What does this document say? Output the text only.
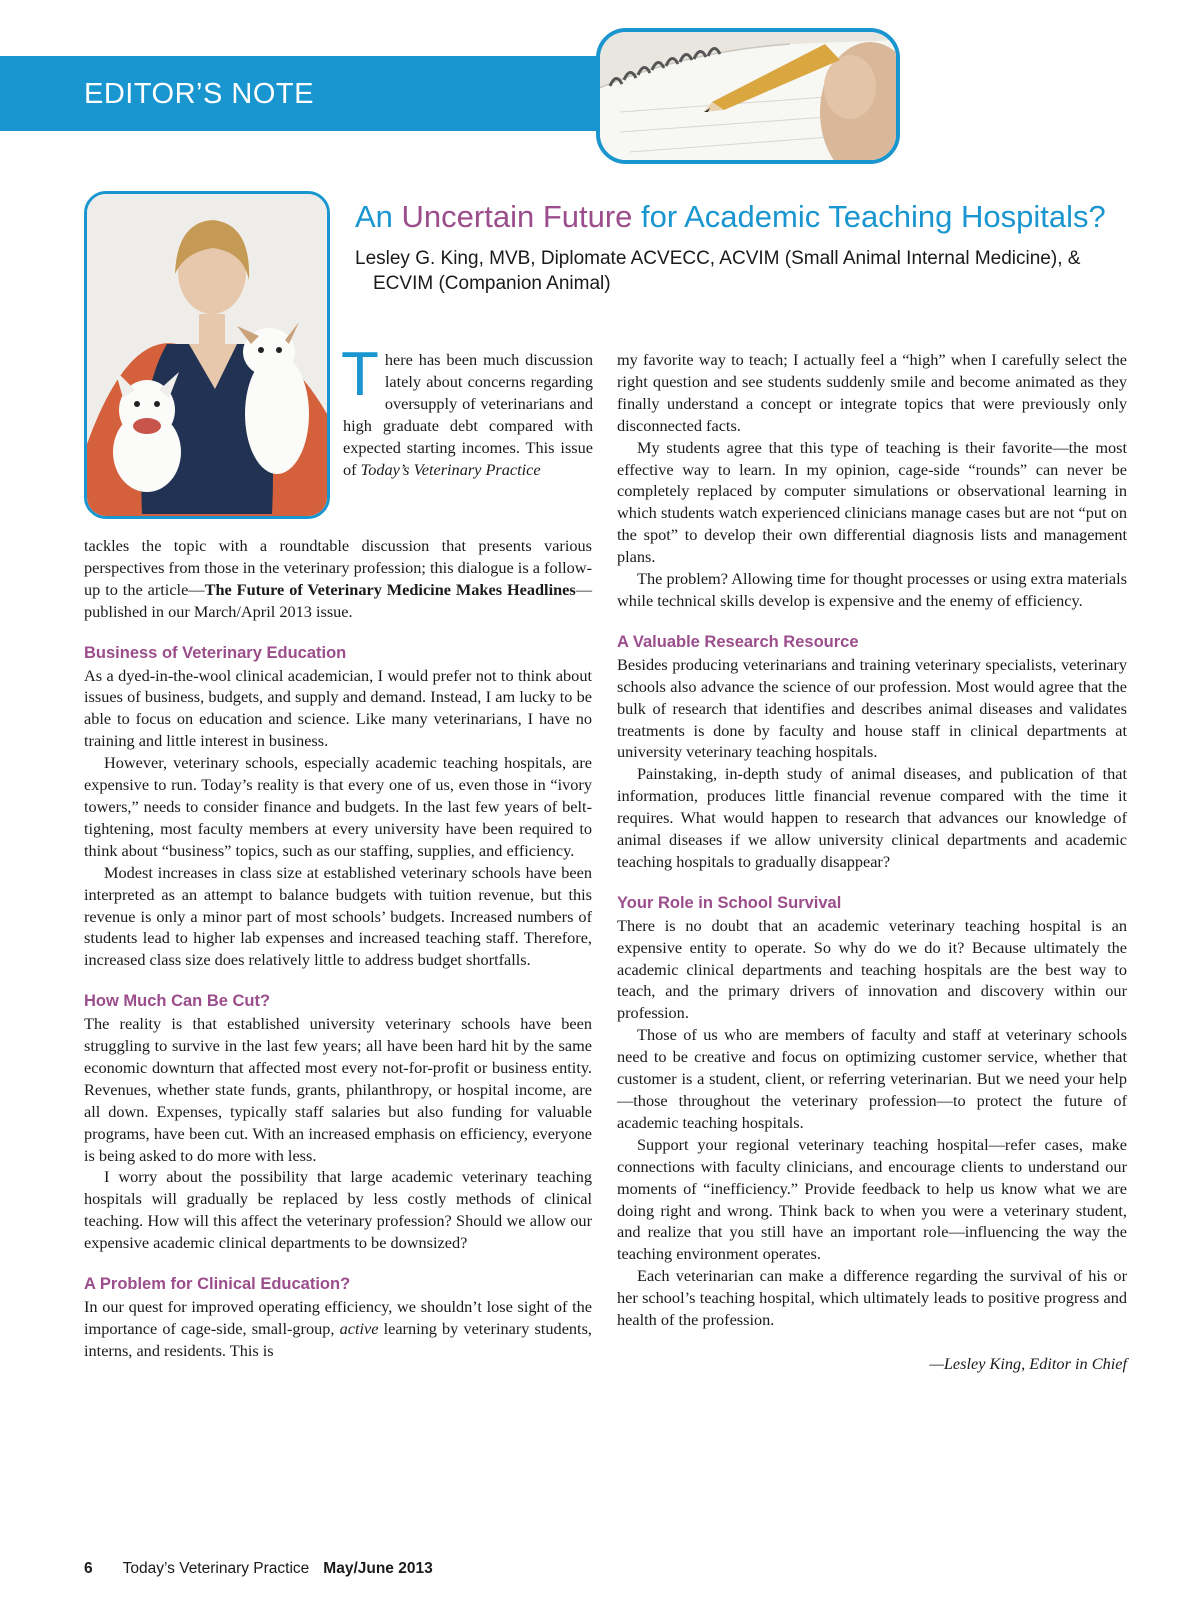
EDITOR’S NOTE
An Uncertain Future for Academic Teaching Hospitals?
Lesley G. King, MVB, Diplomate ACVECC, ACVIM (Small Animal Internal Medicine), & ECVIM (Companion Animal)

There has been much discussion lately about concerns regarding oversupply of veterinarians and high graduate debt compared with expected starting incomes. This issue of Today’s Veterinary Practice

tackles the topic with a roundtable discussion that presents various perspectives from those in the veterinary profession; this dialogue is a follow-up to the article—The Future of Veterinary Medicine Makes Headlines—published in our March/April 2013 issue.

Business of Veterinary Education

As a dyed-in-the-wool clinical academician, I would prefer not to think about issues of business, budgets, and supply and demand. Instead, I am lucky to be able to focus on education and science. Like many veterinarians, I have no training and little interest in business.

However, veterinary schools, especially academic teaching hospitals, are expensive to run. Today’s reality is that every one of us, even those in “ivory towers,” needs to consider finance and budgets. In the last few years of belt-tightening, most faculty members at every university have been required to think about “business” topics, such as our staffing, supplies, and efficiency.

Modest increases in class size at established veterinary schools have been interpreted as an attempt to balance budgets with tuition revenue, but this revenue is only a minor part of most schools’ budgets. Increased numbers of students lead to higher lab expenses and increased teaching staff. Therefore, increased class size does relatively little to address budget shortfalls.

How Much Can Be Cut?

The reality is that established university veterinary schools have been struggling to survive in the last few years; all have been hard hit by the same economic downturn that affected most every not-for-profit or business entity. Revenues, whether state funds, grants, philanthropy, or hospital income, are all down. Expenses, typically staff salaries but also funding for valuable programs, have been cut. With an increased emphasis on efficiency, everyone is being asked to do more with less.

I worry about the possibility that large academic veterinary teaching hospitals will gradually be replaced by less costly methods of clinical teaching. How will this affect the veterinary profession? Should we allow our expensive academic clinical departments to be downsized?

A Problem for Clinical Education?

In our quest for improved operating efficiency, we shouldn’t lose sight of the importance of cage-side, small-group, active learning by veterinary students, interns, and residents. This is

my favorite way to teach; I actually feel a “high” when I carefully select the right question and see students suddenly smile and become animated as they finally understand a concept or integrate topics that were previously only disconnected facts.

My students agree that this type of teaching is their favorite—the most effective way to learn. In my opinion, cage-side “rounds” can never be completely replaced by computer simulations or observational learning in which students watch experienced clinicians manage cases but are not “put on the spot” to develop their own differential diagnosis lists and management plans.

The problem? Allowing time for thought processes or using extra materials while technical skills develop is expensive and the enemy of efficiency.

A Valuable Research Resource

Besides producing veterinarians and training veterinary specialists, veterinary schools also advance the science of our profession. Most would agree that the bulk of research that identifies and describes animal diseases and validates treatments is done by faculty and house staff in clinical departments at university veterinary teaching hospitals.

Painstaking, in-depth study of animal diseases, and publication of that information, produces little financial revenue compared with the time it requires. What would happen to research that advances our knowledge of animal diseases if we allow university clinical departments and academic teaching hospitals to gradually disappear?

Your Role in School Survival

There is no doubt that an academic veterinary teaching hospital is an expensive entity to operate. So why do we do it? Because ultimately the academic clinical departments and teaching hospitals are the best way to teach, and the primary drivers of innovation and discovery within our profession.

Those of us who are members of faculty and staff at veterinary schools need to be creative and focus on optimizing customer service, whether that customer is a student, client, or referring veterinarian. But we need your help—those throughout the veterinary profession—to protect the future of academic teaching hospitals.

Support your regional veterinary teaching hospital—refer cases, make connections with faculty clinicians, and encourage clients to understand our moments of “inefficiency.” Provide feedback to help us know what we are doing right and wrong. Think back to when you were a veterinary student, and realize that you still have an important role—influencing the way the teaching environment operates.

Each veterinarian can make a difference regarding the survival of his or her school’s teaching hospital, which ultimately leads to positive progress and health of the profession.

—Lesley King, Editor in Chief
6 Today’s Veterinary Practice May/June 2013
